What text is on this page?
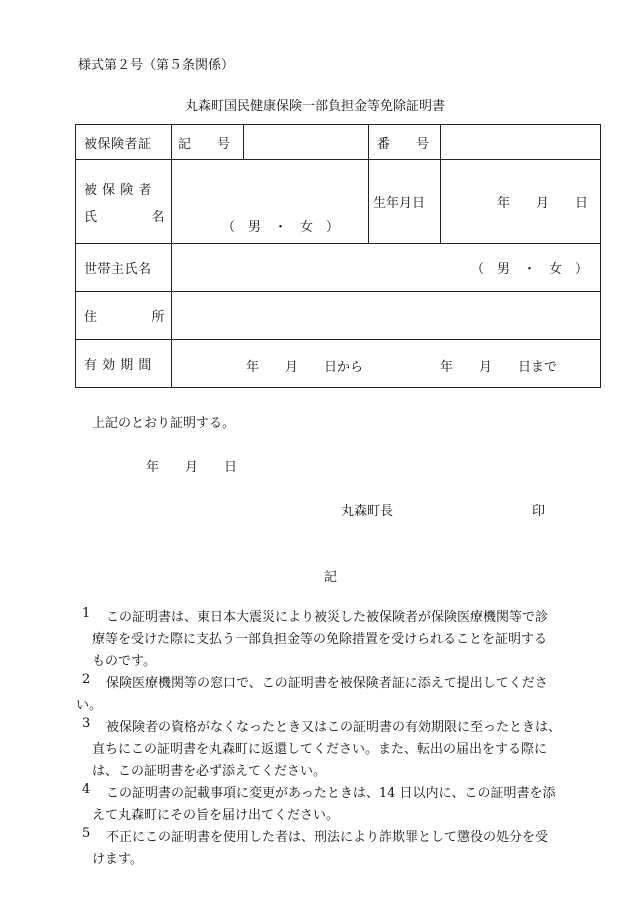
様式第２号（第５条関係）
丸森町国民健康保険一部負担金等免除証明書
被保険者証	記　　号		番　　号	

被 保 険 者
氏　　　　名	（　男　・　女　）		生年月日	年　　月　　日
世帯主氏名	（　男　・　女　）			
住　　　　所				
有 効 期 間	年　　月　　日から 年　　月　　日まで			
上記のとおり証明する。
年　　月　　日
丸森町長	印
記
1 この証明書は、東日本大震災により被災した被保険者が保険医療機関等で診
療等を受けた際に支払う一部負担金等の免除措置を受けられることを証明する
ものです。
2 保険医療機関等の窓口で、この証明書を被保険者証に添えて提出してくださ
い。
3 被保険者の資格がなくなったとき又はこの証明書の有効期限に至ったときは、
直ちにこの証明書を丸森町に返還してください。また、転出の届出をする際に
は、この証明書を必ず添えてください。
4 この証明書の記載事項に変更があったときは、14 日以内に、この証明書を添
えて丸森町にその旨を届け出てください。
5 不正にこの証明書を使用した者は、刑法により詐欺罪として懲役の処分を受
けます。
